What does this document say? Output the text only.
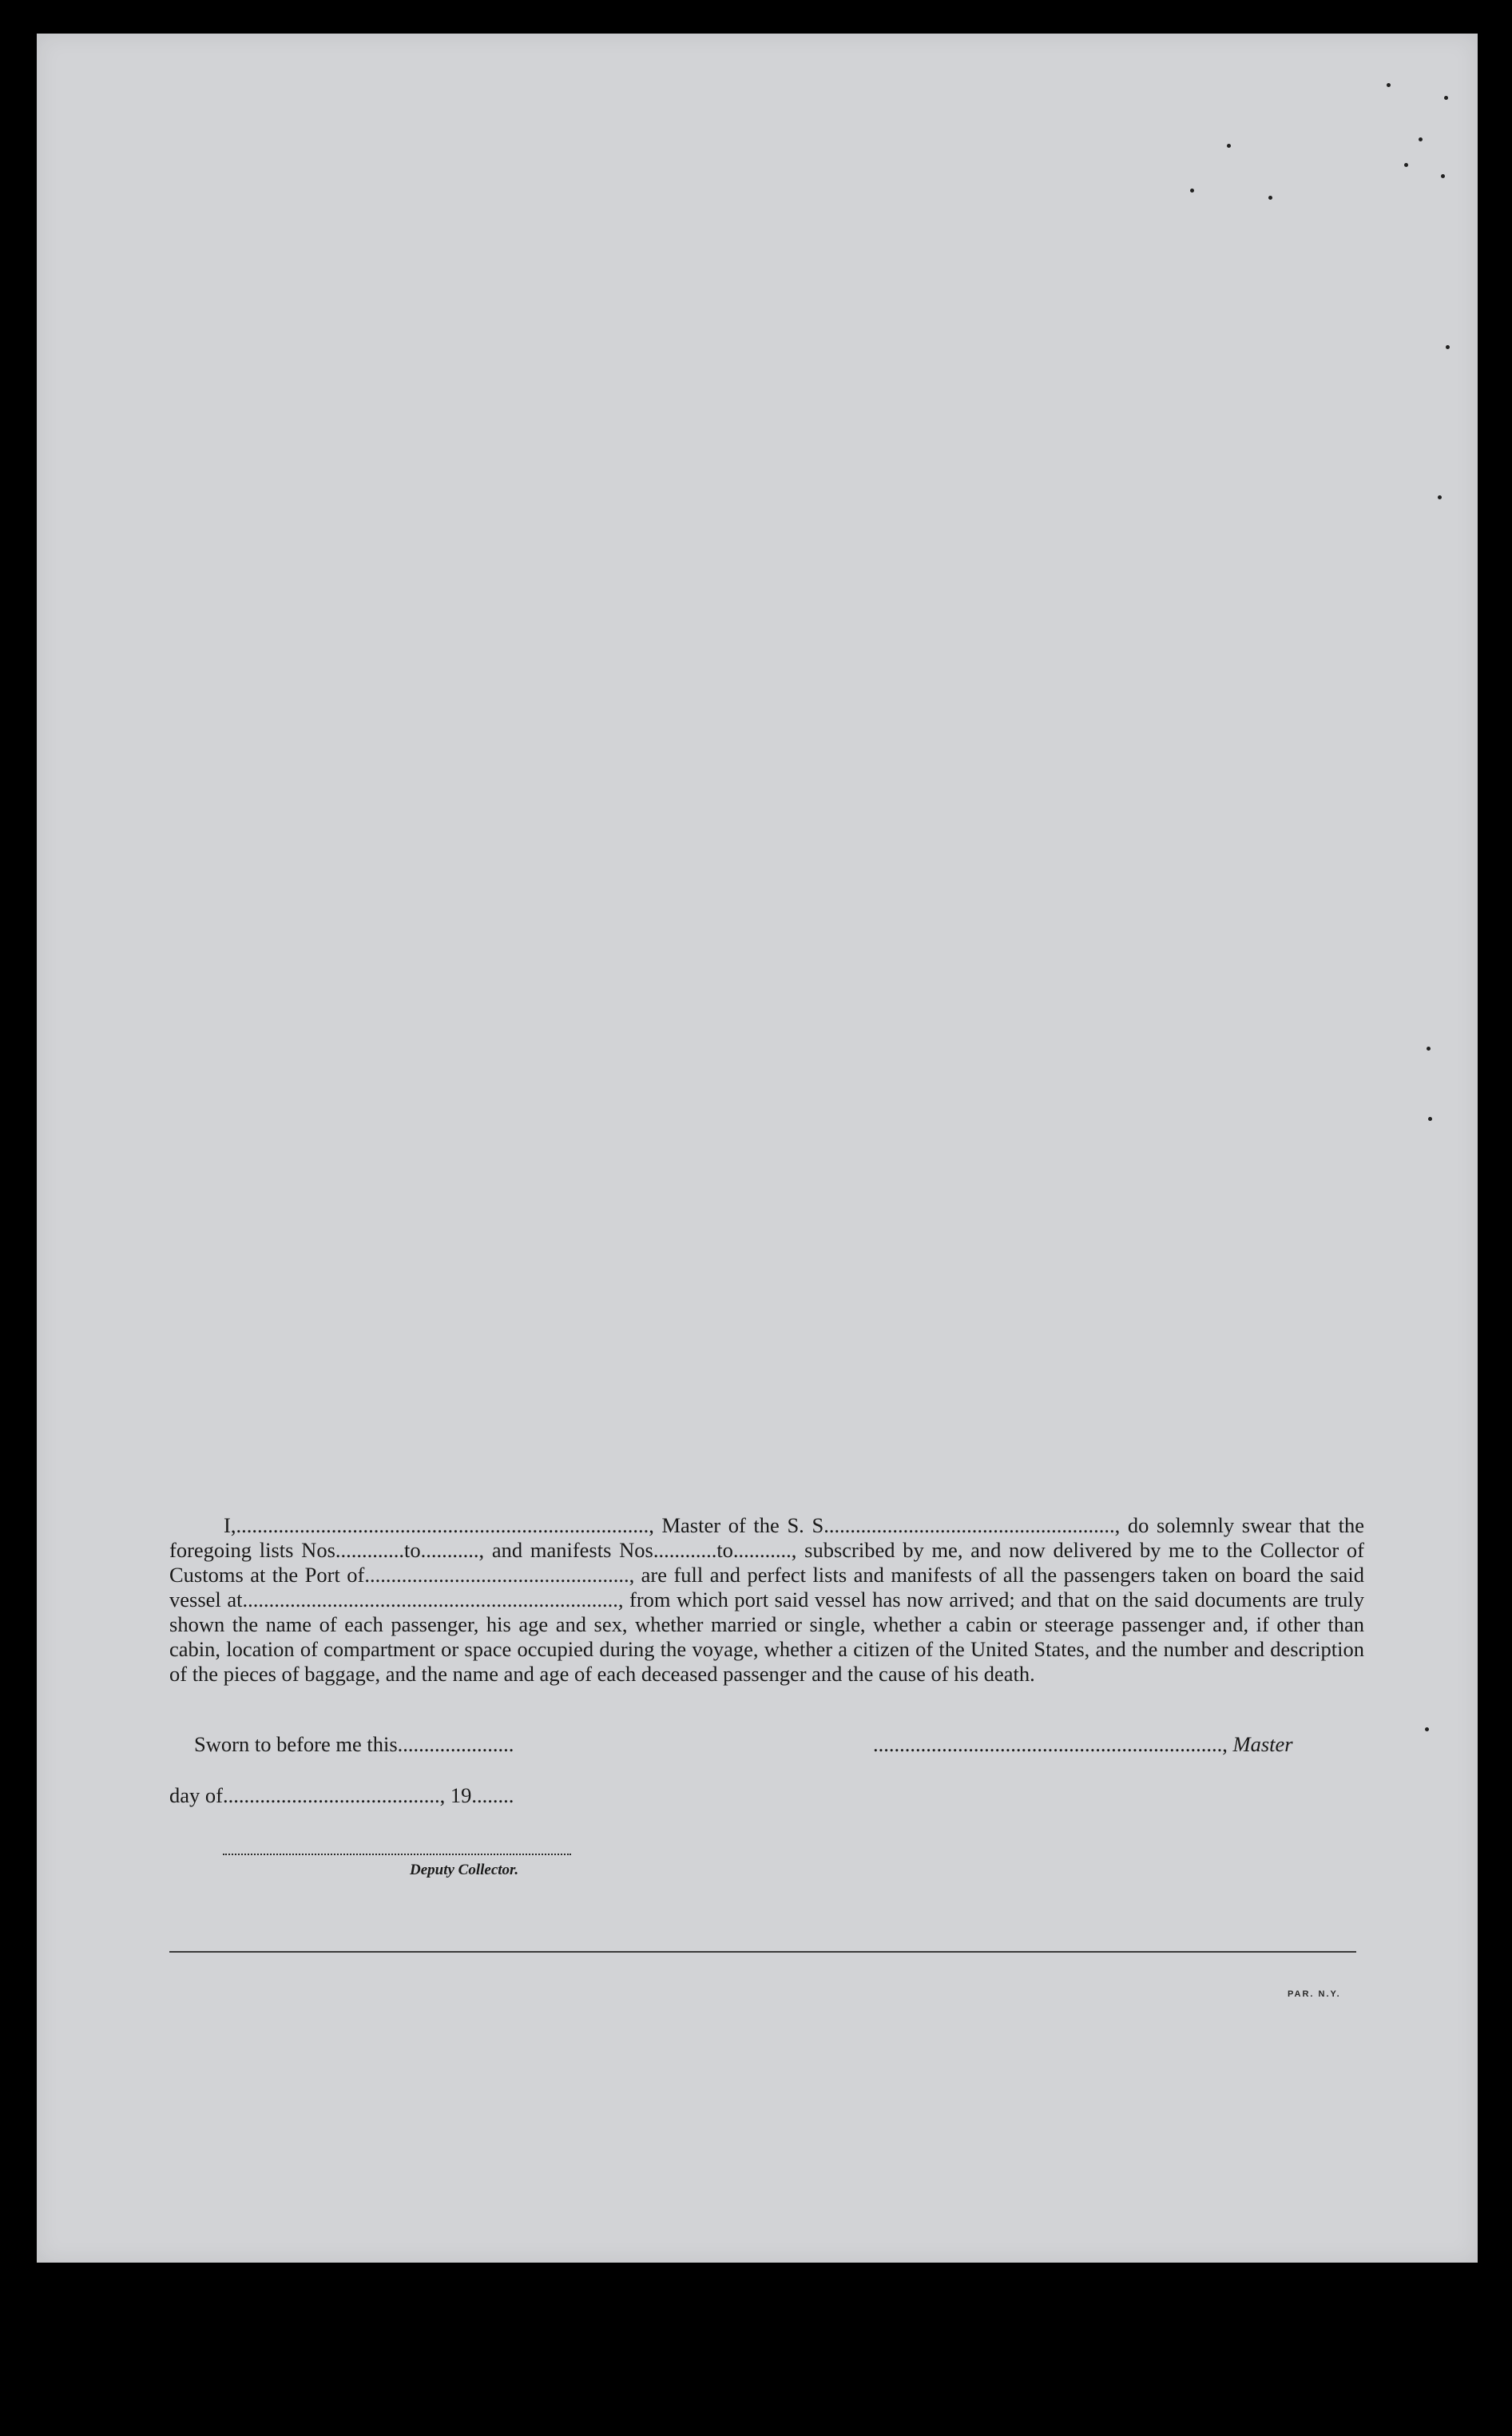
I,.............................................................................., Master of the S. S......................................................., do solemnly swear that the foregoing lists Nos.............to..........., and manifests Nos............to..........., subscribed by me, and now delivered by me to the Collector of Customs at the Port of.................................................., are full and perfect lists and manifests of all the passengers taken on board the said vessel at......................................................................., from which port said vessel has now arrived; and that on the said documents are truly shown the name of each passenger, his age and sex, whether married or single, whether a cabin or steerage passenger and, if other than cabin, location of compartment or space occupied during the voyage, whether a citizen of the United States, and the number and description of the pieces of baggage, and the name and age of each deceased passenger and the cause of his death.

Sworn to before me this......................	.................................................................., Master
day of........................................., 19........
Deputy Collector.
PAR. N.Y.
